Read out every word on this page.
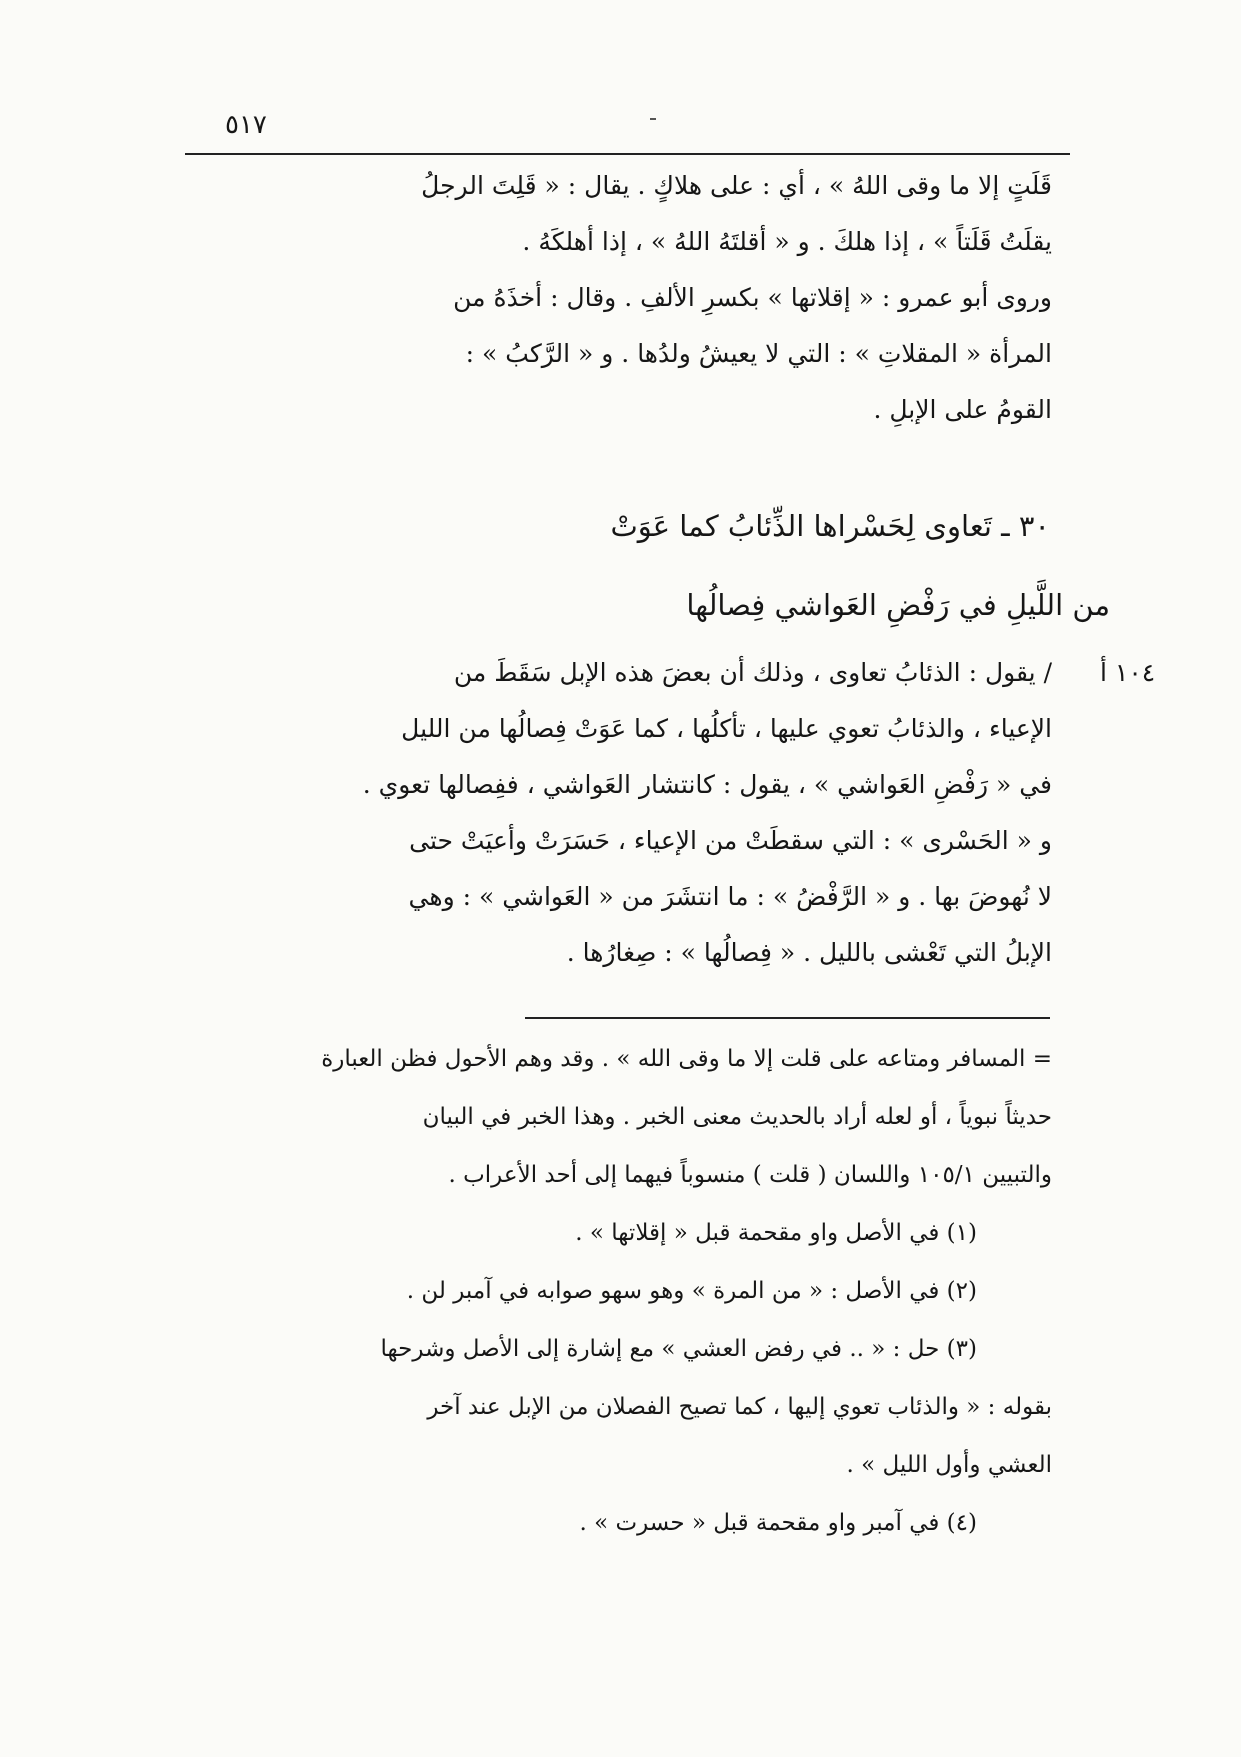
٥١٧
قَلَتٍ إلا ما وقى اللهُ » ، أي : على هلاكٍ . يقال : « قَلِتَ الرجلُ
يقلَتُ قَلَتاً » ، إذا هلكَ . و « أقلتَهُ اللهُ » ، إذا أهلكَهُ .
وروى أبو عمرو : « إقلاتها » بكسرِ الألفِ . وقال : أخذَهُ من
المرأة « المقلاتِ » : التي لا يعيشُ ولدُها . و « الرَّكبُ » :
القومُ على الإبلِ .
٣٠ ـ تَعاوى لِحَسْراها الذِّئابُ كما عَوَتْ
من اللَّيلِ في رَفْضِ العَواشي فِصالُها
١٠٤ أ
/ يقول : الذئابُ تعاوى ، وذلك أن بعضَ هذه الإبل سَقَطَ من
الإعياء ، والذئابُ تعوي عليها ، تأكلُها ، كما عَوَتْ فِصالُها من الليل
في « رَفْضِ العَواشي » ، يقول : كانتشار العَواشي ، ففِصالها تعوي .
و « الحَسْرى » : التي سقطَتْ من الإعياء ، حَسَرَتْ وأعيَتْ حتى
لا نُهوضَ بها . و « الرَّفْضُ » : ما انتشَرَ من « العَواشي » : وهي
الإبلُ التي تَعْشى بالليل . « فِصالُها » : صِغارُها .
= المسافر ومتاعه على قلت إلا ما وقى الله » . وقد وهم الأحول فظن العبارة
حديثاً نبوياً ، أو لعله أراد بالحديث معنى الخبر . وهذا الخبر في البيان
والتبيين ١٠٥/١ واللسان ( قلت ) منسوباً فيهما إلى أحد الأعراب .
(١) في الأصل واو مقحمة قبل « إقلاتها » .
(٢) في الأصل : « من المرة » وهو سهو صوابه في آمبر لن .
(٣) حل : « .. في رفض العشي » مع إشارة إلى الأصل وشرحها
بقوله : « والذئاب تعوي إليها ، كما تصيح الفصلان من الإبل عند آخر
العشي وأول الليل » .
(٤) في آمبر واو مقحمة قبل « حسرت » .
